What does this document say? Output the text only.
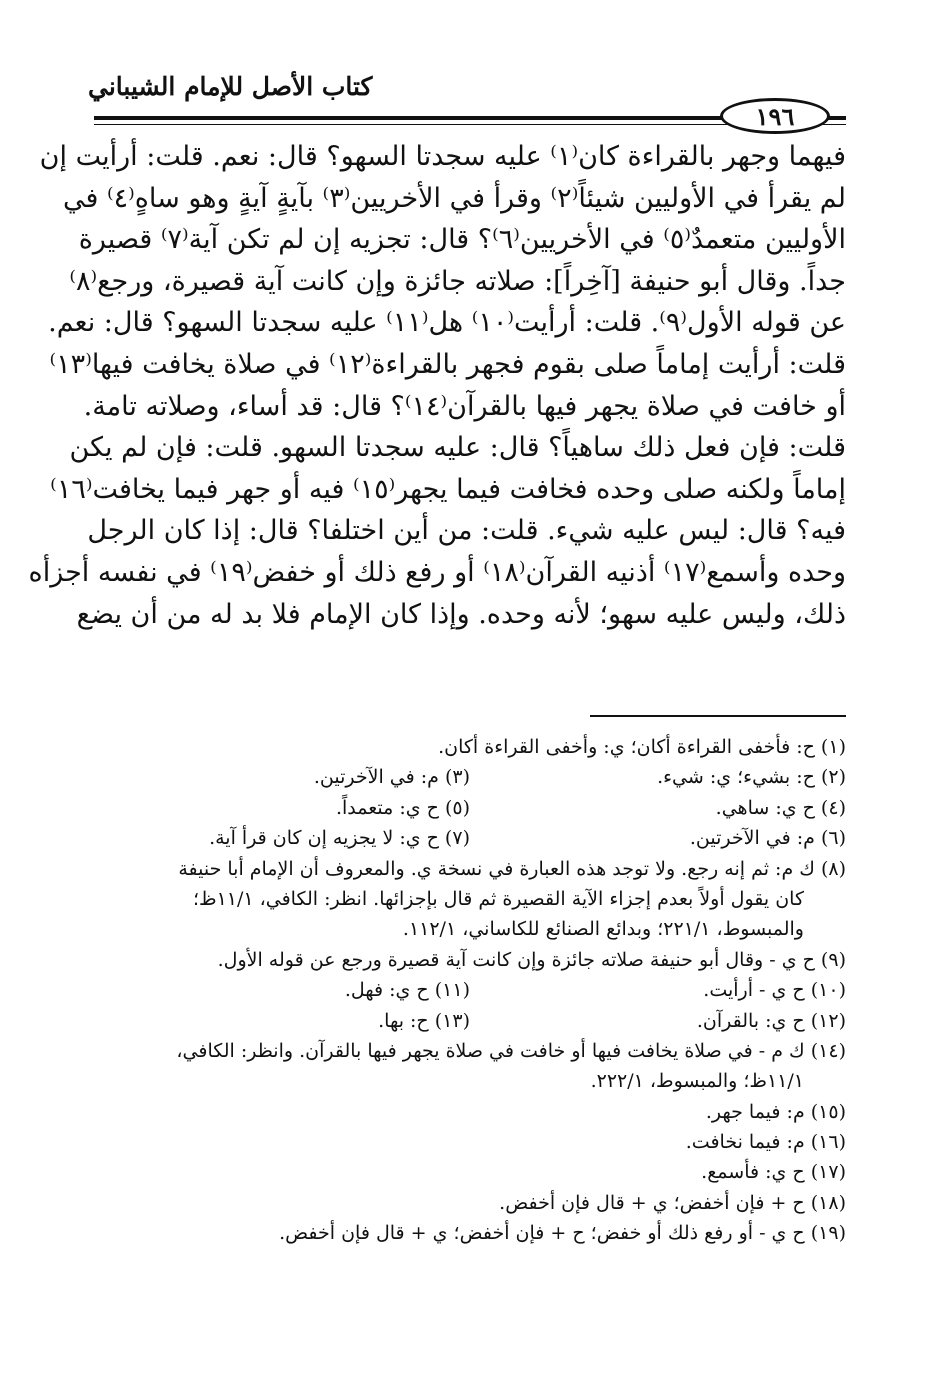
كتاب الأصل للإمام الشيباني
١٩٦
فيهما وجهر بالقراءة كان⁽١⁾ عليه سجدتا السهو؟ قال: نعم. قلت: أرأيت إن
لم يقرأ في الأوليين شيئاً⁽٢⁾ وقرأ في الأخريين⁽٣⁾ بآيةٍ آيةٍ وهو ساهٍ⁽٤⁾ في
الأوليين متعمدٌ⁽٥⁾ في الأخريين⁽٦⁾؟ قال: تجزيه إن لم تكن آية⁽٧⁾ قصيرة
جداً. وقال أبو حنيفة [آخِراً]: صلاته جائزة وإن كانت آية قصيرة، ورجع⁽٨⁾
عن قوله الأول⁽٩⁾. قلت: أرأيت⁽١٠⁾ هل⁽١١⁾ عليه سجدتا السهو؟ قال: نعم.
قلت: أرأيت إماماً صلى بقوم فجهر بالقراءة⁽١٢⁾ في صلاة يخافت فيها⁽١٣⁾
أو خافت في صلاة يجهر فيها بالقرآن⁽١٤⁾؟ قال: قد أساء، وصلاته تامة.
قلت: فإن فعل ذلك ساهياً؟ قال: عليه سجدتا السهو. قلت: فإن لم يكن
إماماً ولكنه صلى وحده فخافت فيما يجهر⁽١٥⁾ فيه أو جهر فيما يخافت⁽١٦⁾
فيه؟ قال: ليس عليه شيء. قلت: من أين اختلفا؟ قال: إذا كان الرجل
وحده وأسمع⁽١٧⁾ أذنيه القرآن⁽١٨⁾ أو رفع ذلك أو خفض⁽١٩⁾ في نفسه أجزأه
ذلك، وليس عليه سهو؛ لأنه وحده. وإذا كان الإمام فلا بد له من أن يضع
(١) ح: فأخفى القراءة أكان؛ ي: وأخفى القراءة أكان.
(٢) ح: بشيء؛ ي: شيء.
(٣) م: في الآخرتين.
(٤) ح ي: ساهي.
(٥) ح ي: متعمداً.
(٦) م: في الآخرتين.
(٧) ح ي: لا يجزيه إن كان قرأ آية.
(٨) ك م: ثم إنه رجع. ولا توجد هذه العبارة في نسخة ي. والمعروف أن الإمام أبا حنيفة
كان يقول أولاً بعدم إجزاء الآية القصيرة ثم قال بإجزائها. انظر: الكافي، ١١/١ظ؛
والمبسوط، ٢٢١/١؛ وبدائع الصنائع للكاساني، ١١٢/١.
(٩) ح ي - وقال أبو حنيفة صلاته جائزة وإن كانت آية قصيرة ورجع عن قوله الأول.
(١٠) ح ي - أرأيت.
(١١) ح ي: فهل.
(١٢) ح ي: بالقرآن.
(١٣) ح: بها.
(١٤) ك م - في صلاة يخافت فيها أو خافت في صلاة يجهر فيها بالقرآن. وانظر: الكافي،
١١/١ظ؛ والمبسوط، ٢٢٢/١.
(١٥) م: فيما جهر.
(١٦) م: فيما نخافت.
(١٧) ح ي: فأسمع.
(١٨) ح + فإن أخفض؛ ي + قال فإن أخفض.
(١٩) ح ي - أو رفع ذلك أو خفض؛ ح + فإن أخفض؛ ي + قال فإن أخفض.
